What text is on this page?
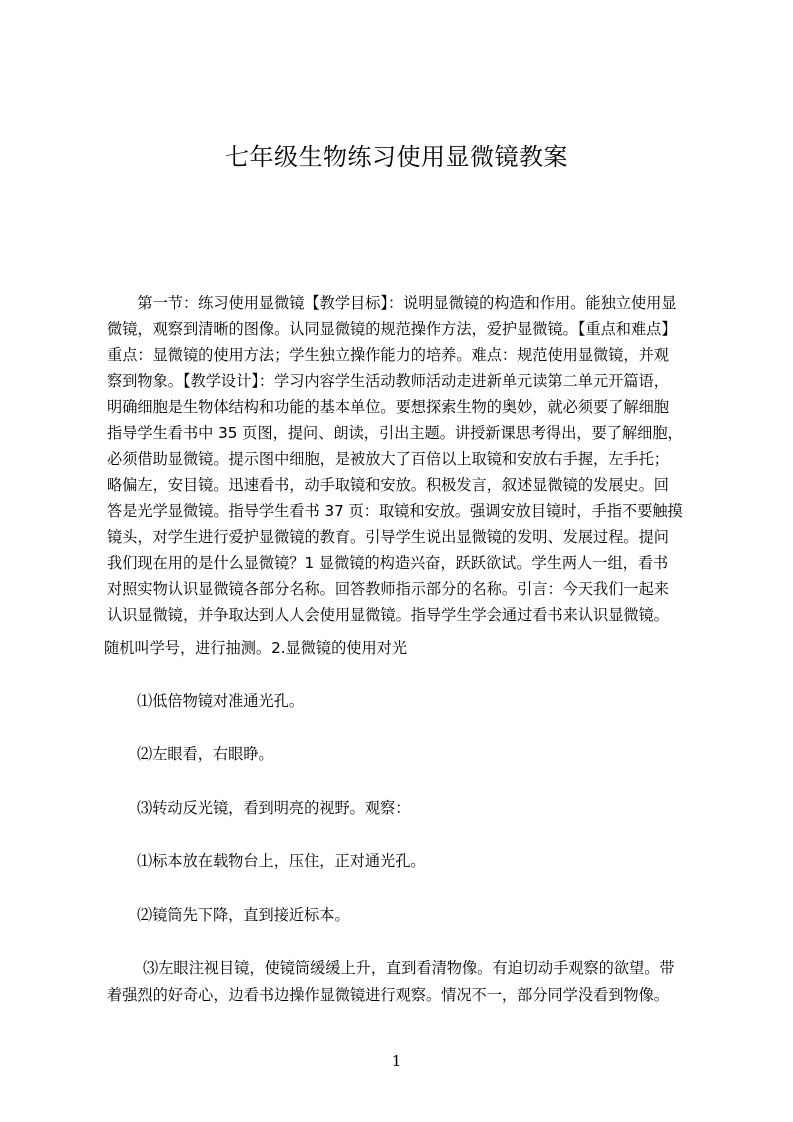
七年级生物练习使用显微镜教案
　　第一节：练习使用显微镜【教学目标】：说明显微镜的构造和作用。能独立使用显
微镜，观察到清晰的图像。认同显微镜的规范操作方法，爱护显微镜。【重点和难点】
重点：显微镜的使用方法；学生独立操作能力的培养。难点：规范使用显微镜，并观
察到物象。【教学设计】：学习内容学生活动教师活动走进新单元读第二单元开篇语，
明确细胞是生物体结构和功能的基本单位。要想探索生物的奥妙，就必须要了解细胞
指导学生看书中 35 页图，提问、朗读，引出主题。讲授新课思考得出，要了解细胞，
必须借助显微镜。提示图中细胞，是被放大了百倍以上取镜和安放右手握，左手托；
略偏左，安目镜。迅速看书，动手取镜和安放。积极发言，叙述显微镜的发展史。回
答是光学显微镜。指导学生看书 37 页：取镜和安放。强调安放目镜时，手指不要触摸
镜头，对学生进行爱护显微镜的教育。引导学生说出显微镜的发明、发展过程。提问
我们现在用的是什么显微镜？1 显微镜的构造兴奋，跃跃欲试。学生两人一组，看书
对照实物认识显微镜各部分名称。回答教师指示部分的名称。引言：今天我们一起来
认识显微镜，并争取达到人人会使用显微镜。指导学生学会通过看书来认识显微镜。
随机叫学号，进行抽测。2.显微镜的使用对光
⑴低倍物镜对准通光孔。
⑵左眼看，右眼睁。
⑶转动反光镜，看到明亮的视野。观察：
⑴标本放在载物台上，压住，正对通光孔。
⑵镜筒先下降，直到接近标本。
⑶左眼注视目镜，使镜筒缓缓上升，直到看清物像。有迫切动手观察的欲望。带
着强烈的好奇心，边看书边操作显微镜进行观察。情况不一，部分同学没看到物像。
1
